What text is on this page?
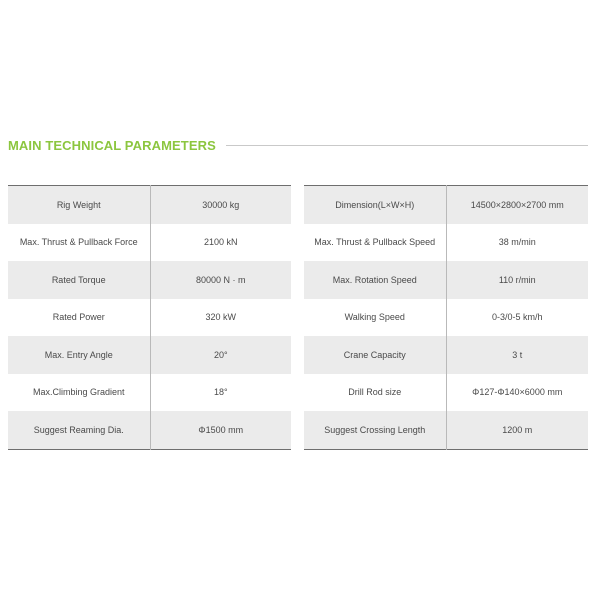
MAIN TECHNICAL PARAMETERS
Rig Weight	30000 kg
Max. Thrust & Pullback Force	2100 kN
Rated Torque	80000 N · m
Rated Power	320 kW
Max. Entry Angle	20°
Max.Climbing Gradient	18°
Suggest Reaming Dia.	Φ1500 mm
Dimension(L×W×H)	14500×2800×2700 mm
Max. Thrust & Pullback Speed	38 m/min
Max. Rotation Speed	110 r/min
Walking Speed	0-3/0-5 km/h
Crane Capacity	3 t
Drill Rod size	Φ127-Φ140×6000 mm
Suggest Crossing Length	1200 m
